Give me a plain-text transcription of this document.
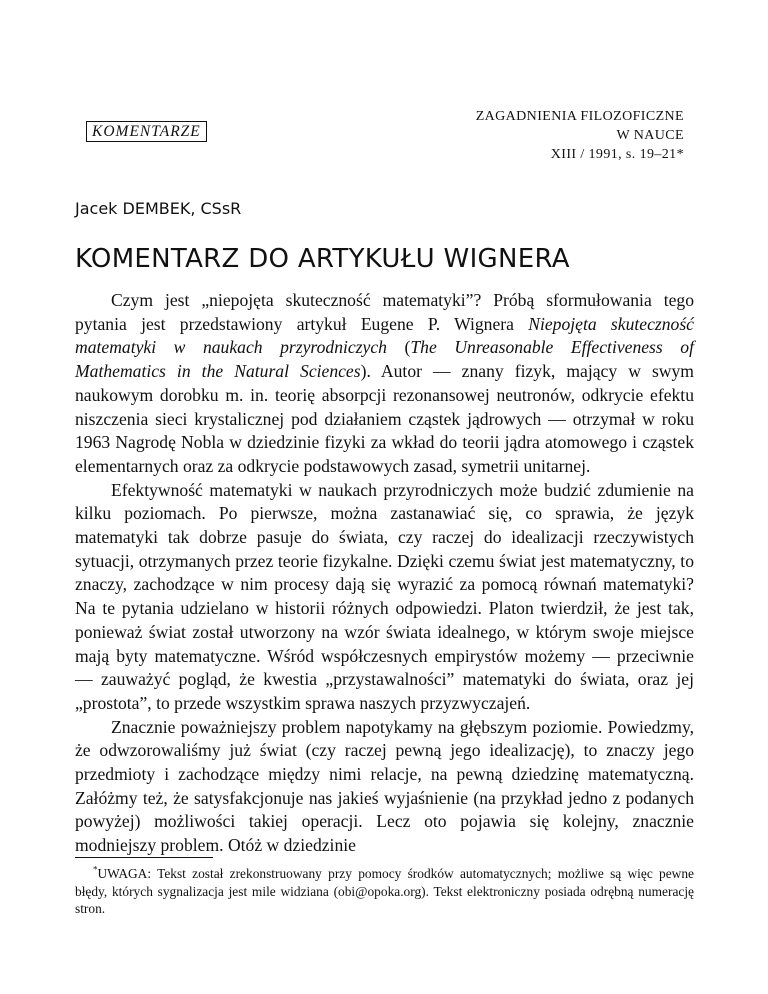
KOMENTARZE
ZAGADNIENIA FILOZOFICZNE
W NAUCE
XIII / 1991, s. 19–21*
Jacek DEMBEK, CSsR
KOMENTARZ DO ARTYKUŁU WIGNERA

Czym jest „niepojęta skuteczność matematyki”? Próbą sformułowania tego pytania jest przedstawiony artykuł Eugene P. Wignera Niepojęta skuteczność matematyki w naukach przyrodniczych (The Unreasonable Effectiveness of Mathematics in the Natural Sciences). Autor — znany fizyk, mający w swym naukowym dorobku m. in. teorię absorpcji rezonansowej neutronów, odkrycie efektu niszczenia sieci krystalicznej pod działaniem cząstek jądrowych — otrzymał w roku 1963 Nagrodę Nobla w dziedzinie fizyki za wkład do teorii jądra atomowego i cząstek elementarnych oraz za odkrycie podstawowych zasad, symetrii unitarnej.

Efektywność matematyki w naukach przyrodniczych może budzić zdumienie na kilku poziomach. Po pierwsze, można zastanawiać się, co sprawia, że język matematyki tak dobrze pasuje do świata, czy raczej do idealizacji rzeczywistych sytuacji, otrzymanych przez teorie fizykalne. Dzięki czemu świat jest matematyczny, to znaczy, zachodzące w nim procesy dają się wyrazić za pomocą równań matematyki? Na te pytania udzielano w historii różnych odpowiedzi. Platon twierdził, że jest tak, ponieważ świat został utworzony na wzór świata idealnego, w którym swoje miejsce mają byty matematyczne. Wśród współczesnych empirystów możemy — przeciwnie — zauważyć pogląd, że kwestia „przystawalności” matematyki do świata, oraz jej „prostota”, to przede wszystkim sprawa naszych przyzwyczajeń.

Znacznie poważniejszy problem napotykamy na głębszym poziomie. Powiedzmy, że odwzorowaliśmy już świat (czy raczej pewną jego idealizację), to znaczy jego przedmioty i zachodzące między nimi relacje, na pewną dziedzinę matematyczną. Załóżmy też, że satysfakcjonuje nas jakieś wyjaśnienie (na przykład jedno z podanych powyżej) możliwości takiej operacji. Lecz oto pojawia się kolejny, znacznie modniejszy problem. Otóż w dziedzinie

*UWAGA: Tekst został zrekonstruowany przy pomocy środków automatycznych; możliwe są więc pewne błędy, których sygnalizacja jest mile widziana (obi@opoka.org). Tekst elektroniczny posiada odrębną numerację stron.
